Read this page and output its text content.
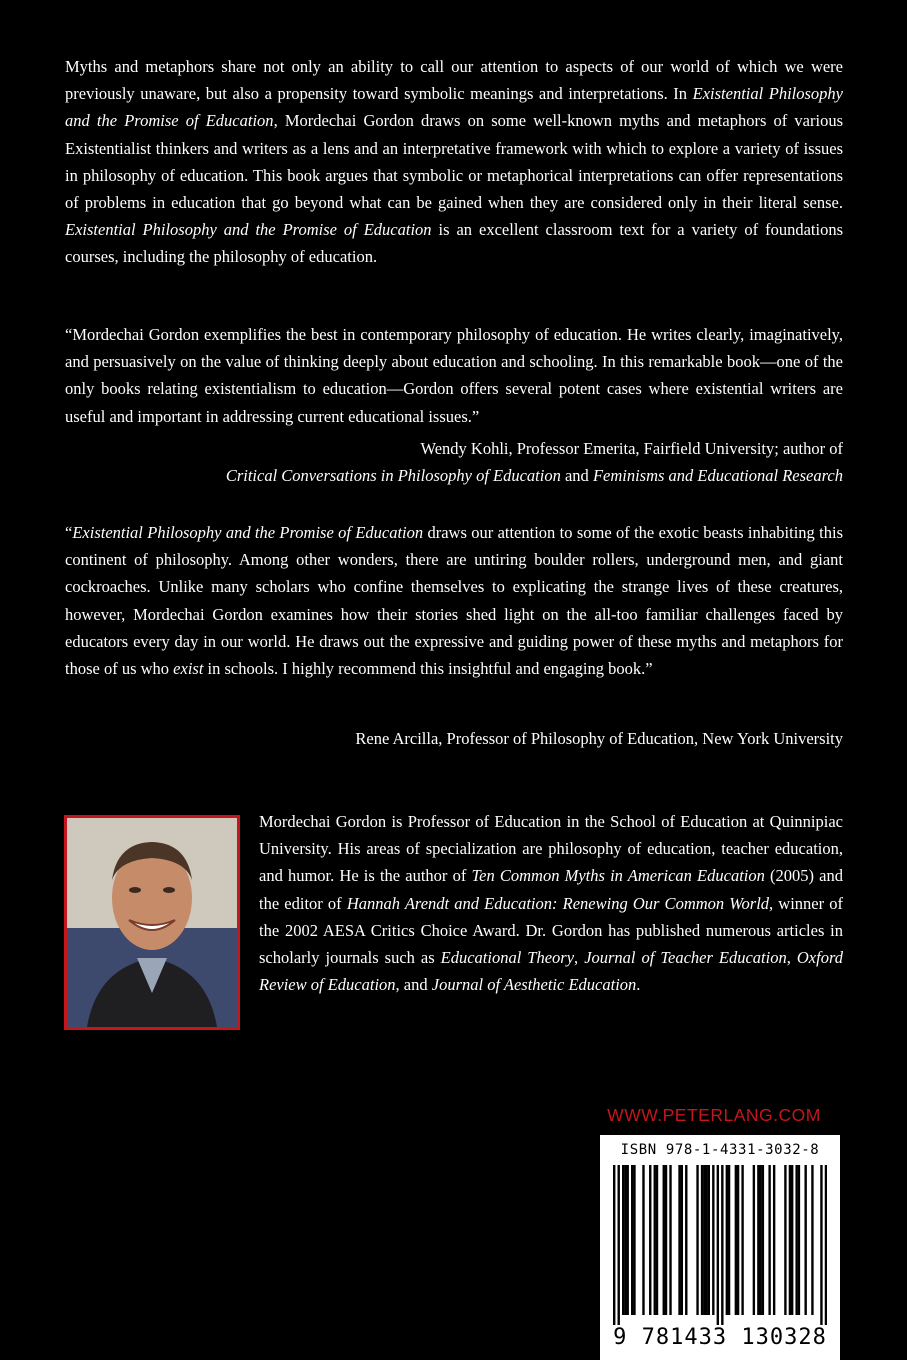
Myths and metaphors share not only an ability to call our attention to aspects of our world of which we were previously unaware, but also a propensity toward symbolic meanings and interpretations. In Existential Philosophy and the Promise of Education, Mordechai Gordon draws on some well-known myths and metaphors of various Existentialist thinkers and writers as a lens and an interpretative framework with which to explore a variety of issues in philosophy of education. This book argues that symbolic or metaphorical interpretations can offer representations of problems in education that go beyond what can be gained when they are considered only in their literal sense. Existential Philosophy and the Promise of Education is an excellent classroom text for a variety of foundations courses, including the philosophy of education.
“Mordechai Gordon exemplifies the best in contemporary philosophy of education. He writes clearly, imaginatively, and persuasively on the value of thinking deeply about education and schooling. In this remarkable book—one of the only books relating existentialism to education—Gordon offers several potent cases where existential writers are useful and important in addressing current educational issues.”
Wendy Kohli, Professor Emerita, Fairfield University; author of
Critical Conversations in Philosophy of Education and Feminisms and Educational Research
“Existential Philosophy and the Promise of Education draws our attention to some of the exotic beasts inhabiting this continent of philosophy. Among other wonders, there are untiring boulder rollers, underground men, and giant cockroaches. Unlike many scholars who confine themselves to explicating the strange lives of these creatures, however, Mordechai Gordon examines how their stories shed light on the all-too familiar challenges faced by educators every day in our world. He draws out the expressive and guiding power of these myths and metaphors for those of us who exist in schools. I highly recommend this insightful and engaging book.”
Rene Arcilla, Professor of Philosophy of Education, New York University
Mordechai Gordon is Professor of Education in the School of Education at Quinnipiac University. His areas of specialization are philosophy of education, teacher education, and humor. He is the author of Ten Common Myths in American Education (2005) and the editor of Hannah Arendt and Education: Renewing Our Common World, winner of the 2002 AESA Critics Choice Award. Dr. Gordon has published numerous articles in scholarly journals such as Educational Theory, Journal of Teacher Education, Oxford Review of Education, and Journal of Aesthetic Education.
WWW.PETERLANG.COM
ISBN 978-1-4331-3032-8
9 781433 130328
